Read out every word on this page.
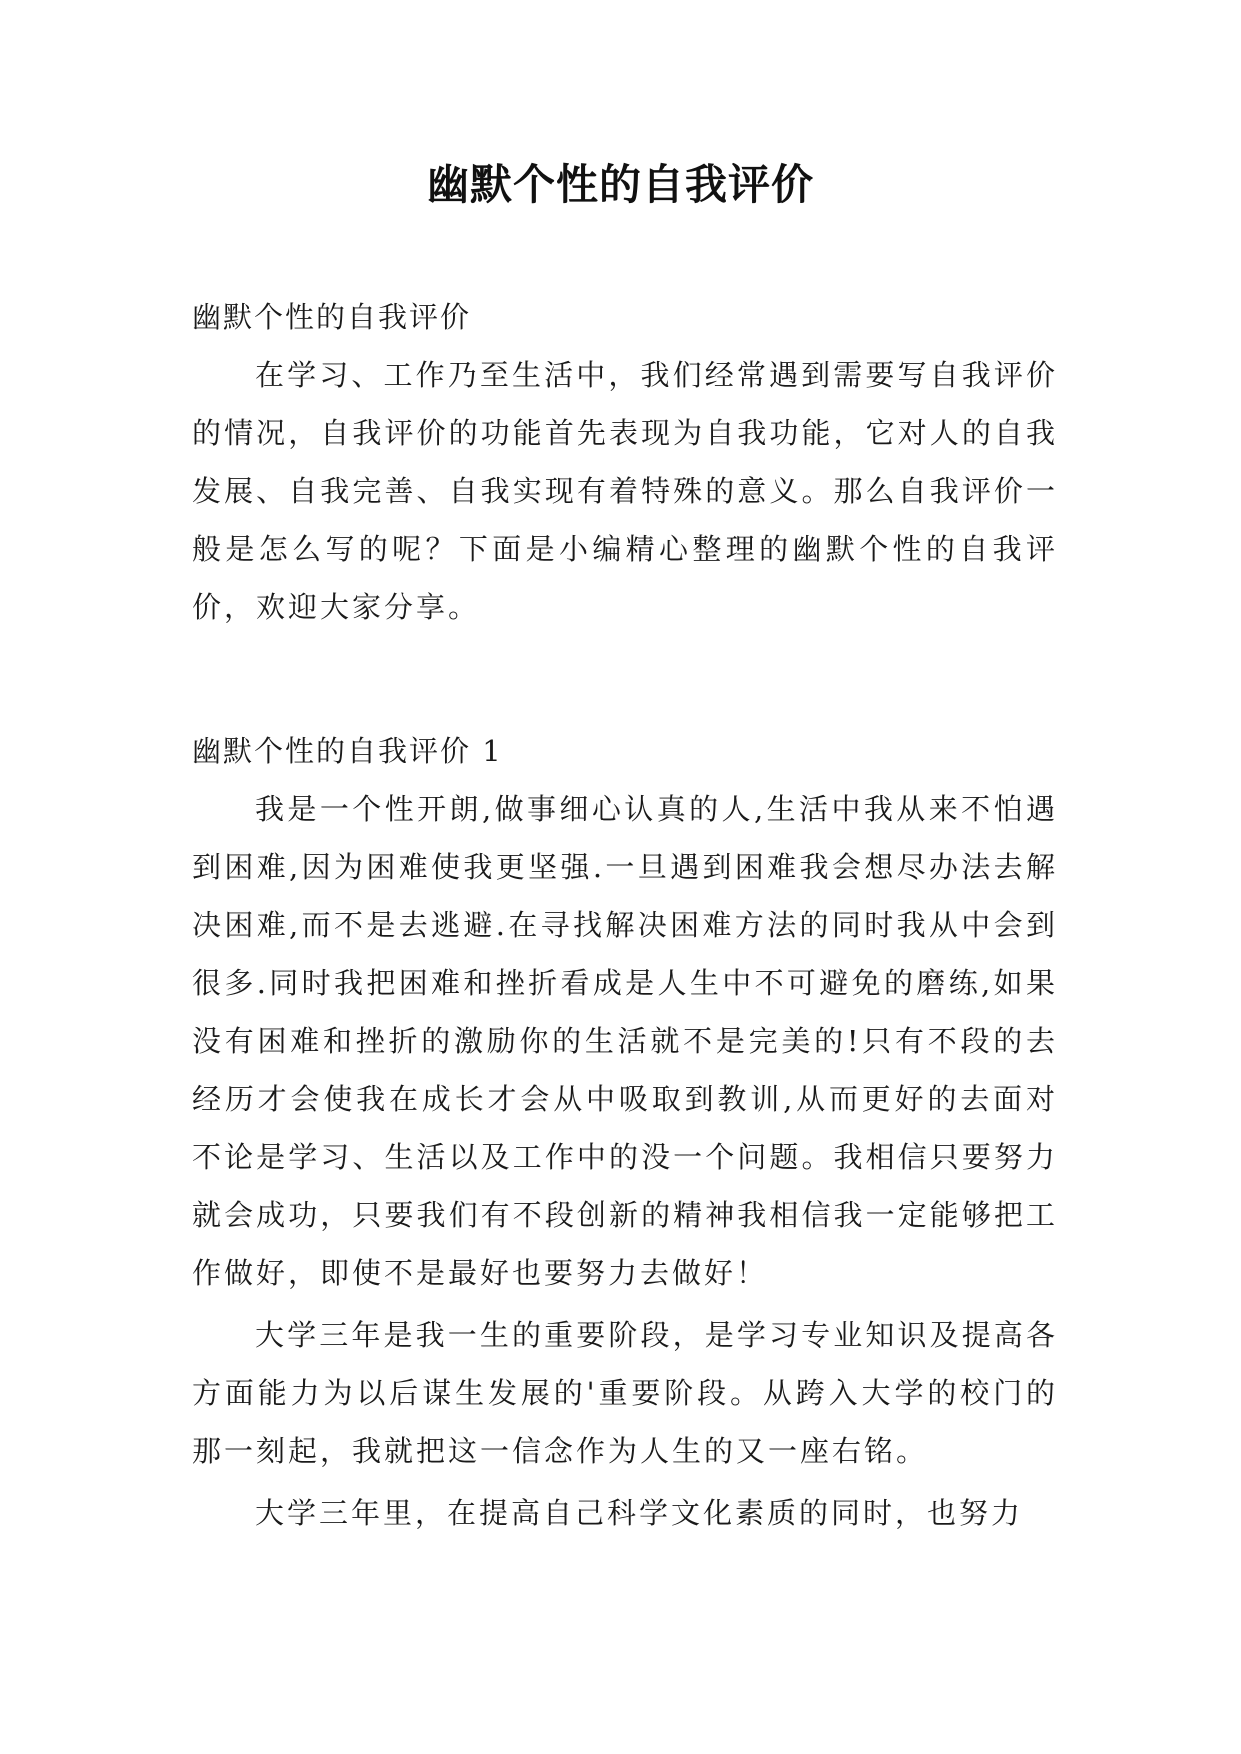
幽默个性的自我评价

幽默个性的自我评价

在学习、工作乃至生活中，我们经常遇到需要写自我评价的情况，自我评价的功能首先表现为自我功能，它对人的自我发展、自我完善、自我实现有着特殊的意义。那么自我评价一般是怎么写的呢？下面是小编精心整理的幽默个性的自我评价，欢迎大家分享。

幽默个性的自我评价 1

我是一个性开朗,做事细心认真的人,生活中我从来不怕遇到困难,因为困难使我更坚强.一旦遇到困难我会想尽办法去解决困难,而不是去逃避.在寻找解决困难方法的同时我从中会到很多.同时我把困难和挫折看成是人生中不可避免的磨练,如果没有困难和挫折的激励你的生活就不是完美的!只有不段的去经历才会使我在成长才会从中吸取到教训,从而更好的去面对不论是学习、生活以及工作中的没一个问题。我相信只要努力就会成功，只要我们有不段创新的精神我相信我一定能够把工作做好，即使不是最好也要努力去做好！

大学三年是我一生的重要阶段，是学习专业知识及提高各方面能力为以后谋生发展的'重要阶段。从跨入大学的校门的那一刻起，我就把这一信念作为人生的又一座右铭。

大学三年里，在提高自己科学文化素质的同时，也努力
